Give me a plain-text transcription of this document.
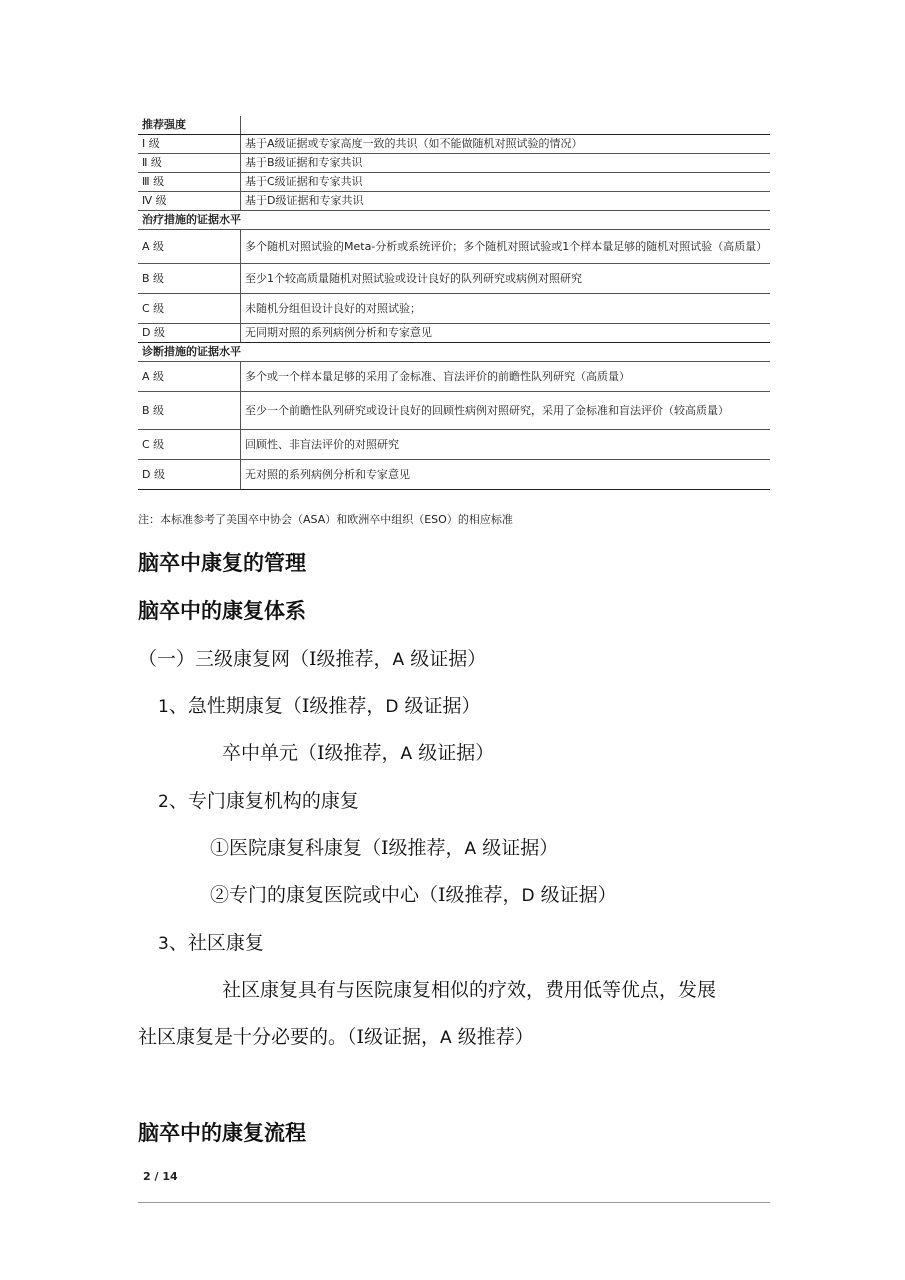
推荐强度	
Ⅰ 级	基于A级证据或专家高度一致的共识（如不能做随机对照试验的情况）
Ⅱ 级	基于B级证据和专家共识
Ⅲ 级	基于C级证据和专家共识
Ⅳ 级	基于D级证据和专家共识
治疗措施的证据水平	
A 级	多个随机对照试验的Meta-分析或系统评价；多个随机对照试验或1个样本量足够的随机对照试验（高质量）
B 级	至少1个较高质量随机对照试验或设计良好的队列研究或病例对照研究
C 级	未随机分组但设计良好的对照试验；
D 级	无同期对照的系列病例分析和专家意见
诊断措施的证据水平	
A 级	多个或一个样本量足够的采用了金标准、盲法评价的前瞻性队列研究（高质量）
B 级	至少一个前瞻性队列研究或设计良好的回顾性病例对照研究，采用了金标准和盲法评价（较高质量）
C 级	回顾性、非盲法评价的对照研究
D 级	无对照的系列病例分析和专家意见
注：本标准参考了美国卒中协会（ASA）和欧洲卒中组织（ESO）的相应标准
脑卒中康复的管理
脑卒中的康复体系
（一）三级康复网（Ⅰ级推荐，A 级证据）
1、急性期康复（Ⅰ级推荐，D 级证据）
卒中单元（Ⅰ级推荐，A 级证据）
2、专门康复机构的康复
①医院康复科康复（Ⅰ级推荐，A 级证据）
②专门的康复医院或中心（Ⅰ级推荐，D 级证据）
3、社区康复
社区康复具有与医院康复相似的疗效，费用低等优点，发展
社区康复是十分必要的。（Ⅰ级证据，A 级推荐）
脑卒中的康复流程
2 / 14
